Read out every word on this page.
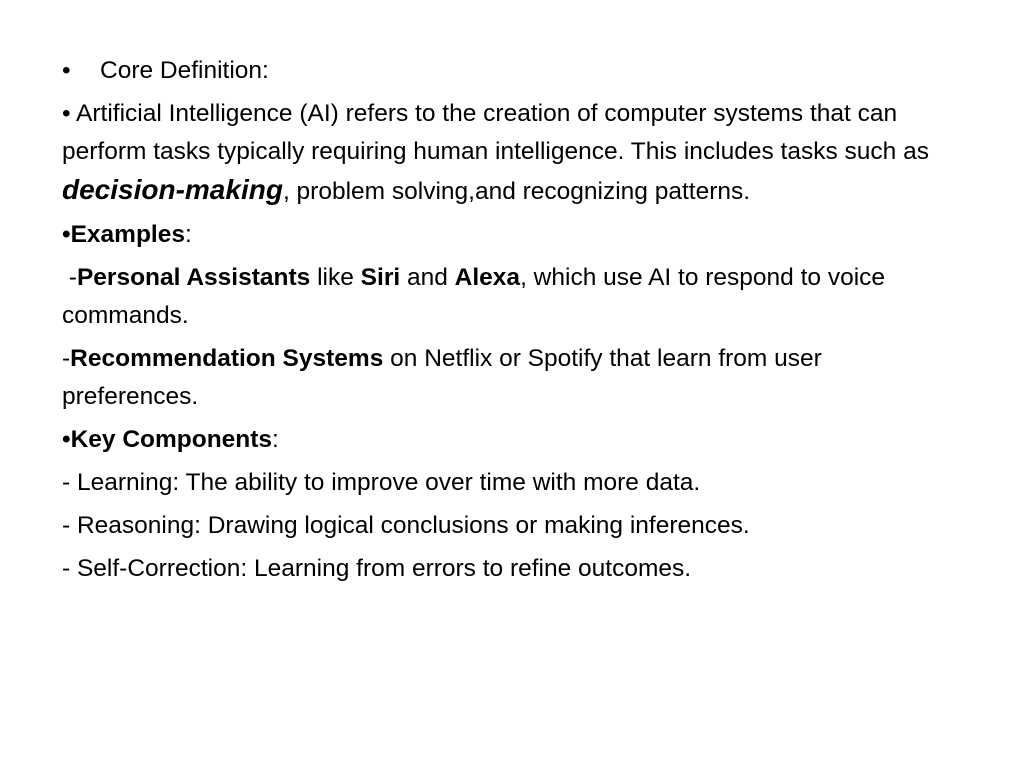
• Core Definition:

• Artificial Intelligence (AI) refers to the creation of computer systems that can perform tasks typically requiring human intelligence. This includes tasks such as decision-making, problem solving,and recognizing patterns.

•Examples:

-Personal Assistants like Siri and Alexa, which use AI to respond to voice commands.

-Recommendation Systems on Netflix or Spotify that learn from user preferences.

•Key Components:

- Learning: The ability to improve over time with more data.

- Reasoning: Drawing logical conclusions or making inferences.

- Self-Correction: Learning from errors to refine outcomes.
